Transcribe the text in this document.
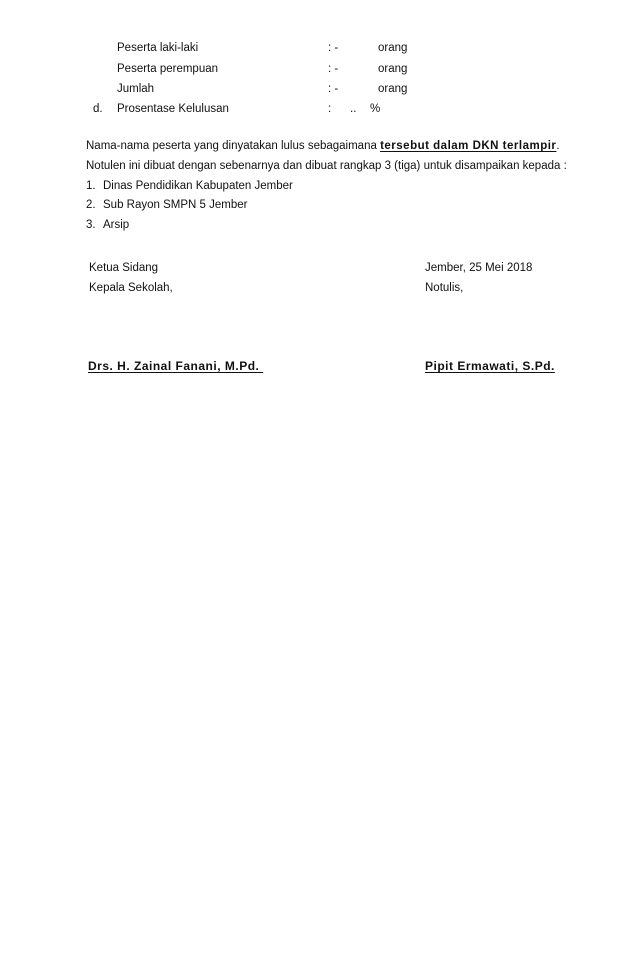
Peserta laki-laki	: -	orang
Peserta perempuan	: -	orang
Jumlah	: -	orang
d. Prosentase Kelulusan	: .. %
Nama-nama peserta yang dinyatakan lulus sebagaimana tersebut dalam DKN terlampir.
Notulen ini dibuat dengan sebenarnya dan dibuat rangkap 3 (tiga) untuk disampaikan kepada :
1. Dinas Pendidikan Kabupaten Jember
2. Sub Rayon SMPN 5 Jember
3. Arsip
Ketua Sidang
Kepala Sekolah,
Jember, 25 Mei 2018
Notulis,
Drs. H. Zainal Fanani, M.Pd.	Pipit Ermawati, S.Pd.
